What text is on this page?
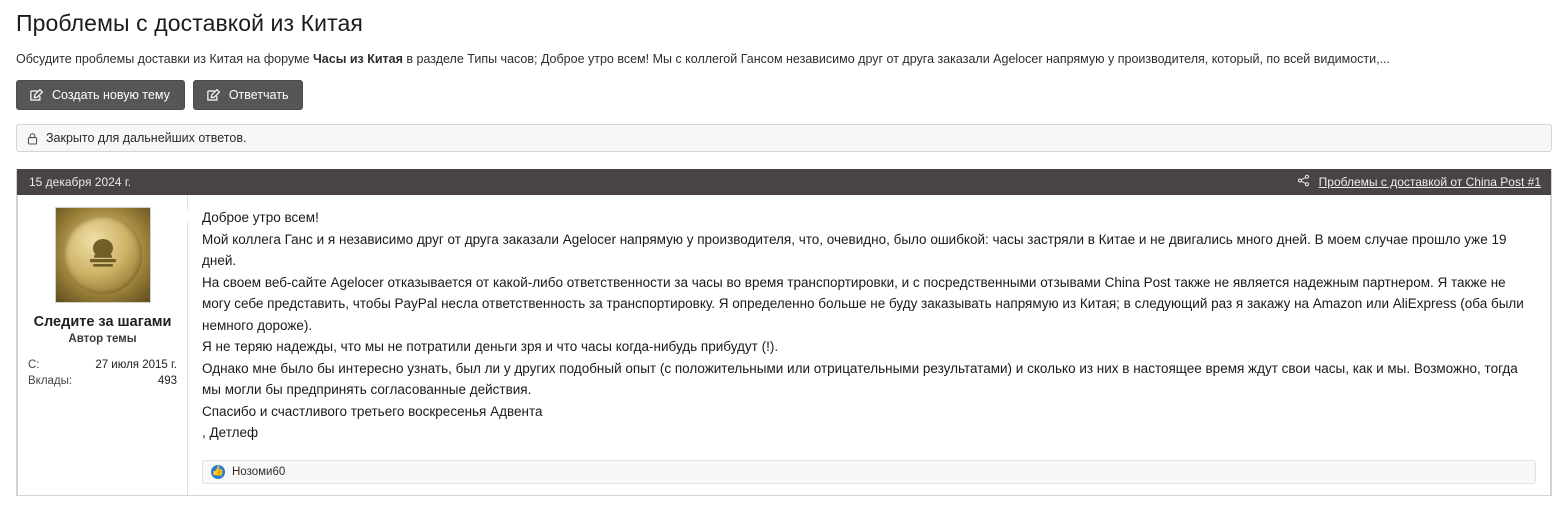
Проблемы с доставкой из Китая
Обсудите проблемы доставки из Китая на форуме Часы из Китая в разделе Типы часов; Доброе утро всем! Мы с коллегой Гансом независимо друг от друга заказали Agelocer напрямую у производителя, который, по всей видимости,...
Создать новую тему	Ответчать
Закрыто для дальнейших ответов.
15 декабря 2024 г.	Проблемы с доставкой от China Post #1
Следите за шагами
Автор темы
С:	27 июля 2015 г.
Вклады:	493

Доброе утро всем!

Мой коллега Ганс и я независимо друг от друга заказали Agelocer напрямую у производителя, что, очевидно, было ошибкой: часы застряли в Китае и не двигались много дней. В моем случае прошло уже 19 дней.

На своем веб-сайте Agelocer отказывается от какой-либо ответственности за часы во время транспортировки, и с посредственными отзывами China Post также не является надежным партнером. Я также не могу себе представить, чтобы PayPal несла ответственность за транспортировку. Я определенно больше не буду заказывать напрямую из Китая; в следующий раз я закажу на Amazon или AliExpress (оба были немного дороже).

Я не теряю надежды, что мы не потратили деньги зря и что часы когда-нибудь прибудут (!).

Однако мне было бы интересно узнать, был ли у других подобный опыт (с положительными или отрицательными результатами) и сколько из них в настоящее время ждут свои часы, как и мы. Возможно, тогда мы могли бы предпринять согласованные действия.

Спасибо и счастливого третьего воскресенья Адвента

, Детлеф

👍 Нозоми60
